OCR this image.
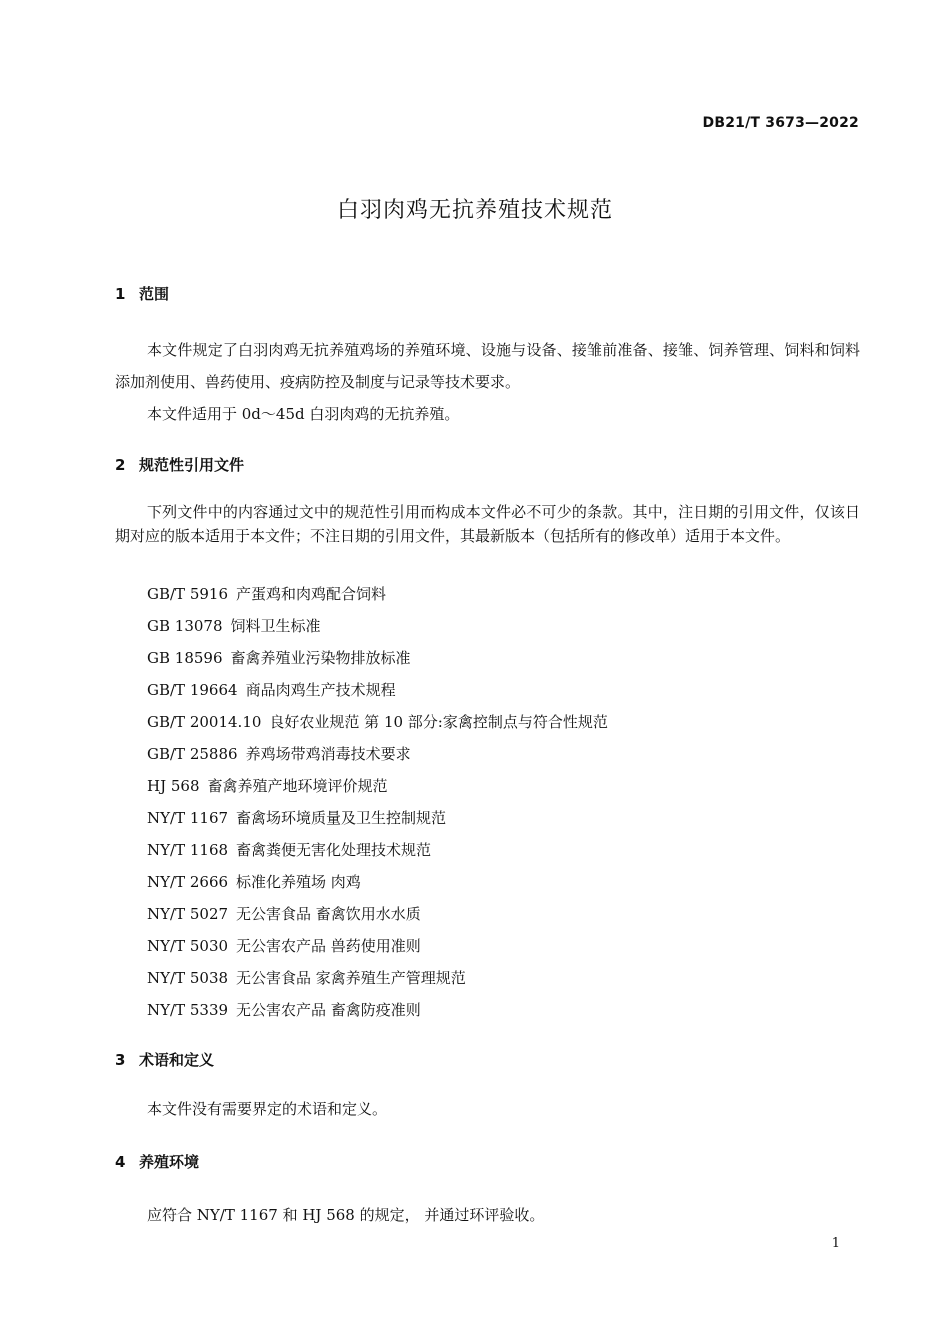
DB21/T 3673—2022
白羽肉鸡无抗养殖技术规范
1 范围
本文件规定了白羽肉鸡无抗养殖鸡场的养殖环境、设施与设备、接雏前准备、接雏、饲养管理、饲料和饲料添加剂使用、兽药使用、疫病防控及制度与记录等技术要求。
本文件适用于 0d～45d 白羽肉鸡的无抗养殖。
2 规范性引用文件
下列文件中的内容通过文中的规范性引用而构成本文件必不可少的条款。其中，注日期的引用文件，仅该日期对应的版本适用于本文件；不注日期的引用文件，其最新版本（包括所有的修改单）适用于本文件。
GB/T 5916 产蛋鸡和肉鸡配合饲料
GB 13078 饲料卫生标准
GB 18596 畜禽养殖业污染物排放标准
GB/T 19664 商品肉鸡生产技术规程
GB/T 20014.10 良好农业规范 第 10 部分:家禽控制点与符合性规范
GB/T 25886 养鸡场带鸡消毒技术要求
HJ 568 畜禽养殖产地环境评价规范
NY/T 1167 畜禽场环境质量及卫生控制规范
NY/T 1168 畜禽粪便无害化处理技术规范
NY/T 2666 标准化养殖场 肉鸡
NY/T 5027 无公害食品 畜禽饮用水水质
NY/T 5030 无公害农产品 兽药使用准则
NY/T 5038 无公害食品 家禽养殖生产管理规范
NY/T 5339 无公害农产品 畜禽防疫准则
3 术语和定义
本文件没有需要界定的术语和定义。
4 养殖环境
应符合 NY/T 1167 和 HJ 568 的规定， 并通过环评验收。
1
